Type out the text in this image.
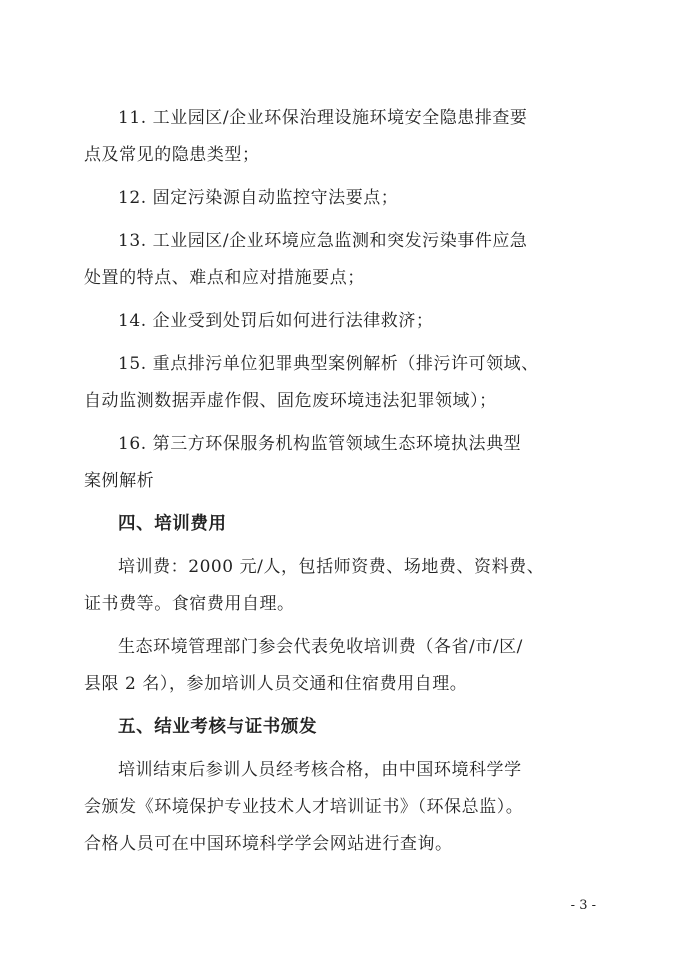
11. 工业园区/企业环保治理设施环境安全隐患排查要
点及常见的隐患类型；
12. 固定污染源自动监控守法要点；
13. 工业园区/企业环境应急监测和突发污染事件应急
处置的特点、难点和应对措施要点；
14. 企业受到处罚后如何进行法律救济；
15. 重点排污单位犯罪典型案例解析（排污许可领域、
自动监测数据弄虚作假、固危废环境违法犯罪领域）；
16. 第三方环保服务机构监管领域生态环境执法典型
案例解析
四、培训费用
培训费：2000 元/人，包括师资费、场地费、资料费、
证书费等。食宿费用自理。
生态环境管理部门参会代表免收培训费（各省/市/区/
县限 2 名），参加培训人员交通和住宿费用自理。
五、结业考核与证书颁发
培训结束后参训人员经考核合格，由中国环境科学学
会颁发《环境保护专业技术人才培训证书》（环保总监）。
合格人员可在中国环境科学学会网站进行查询。
- 3 -
